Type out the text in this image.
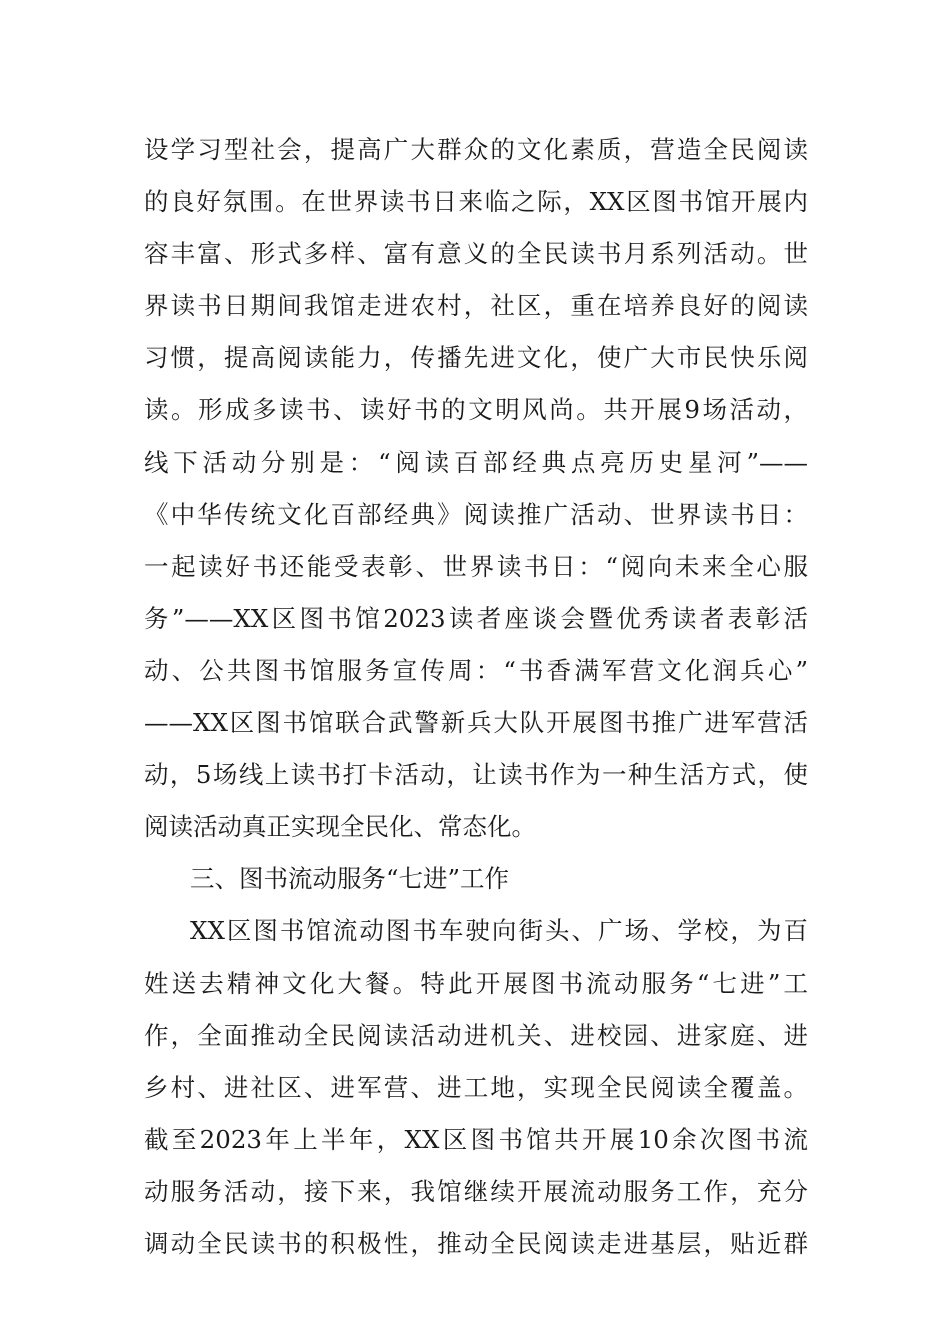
设学习型社会，提高广大群众的文化素质，营造全民阅读
的良好氛围。在世界读书日来临之际，XX区图书馆开展内
容丰富、形式多样、富有意义的全民读书月系列活动。世
界读书日期间我馆走进农村，社区，重在培养良好的阅读
习惯，提高阅读能力，传播先进文化，使广大市民快乐阅
读。形成多读书、读好书的文明风尚。共开展9场活动，
线下活动分别是：“阅读百部经典点亮历史星河”——
《中华传统文化百部经典》阅读推广活动、世界读书日：
一起读好书还能受表彰、世界读书日：“阅向未来全心服
务”——XX区图书馆2023读者座谈会暨优秀读者表彰活
动、公共图书馆服务宣传周：“书香满军营文化润兵心”
——XX区图书馆联合武警新兵大队开展图书推广进军营活
动，5场线上读书打卡活动，让读书作为一种生活方式，使
阅读活动真正实现全民化、常态化。
三、图书流动服务“七进”工作
XX区图书馆流动图书车驶向街头、广场、学校，为百
姓送去精神文化大餐。特此开展图书流动服务“七进”工
作，全面推动全民阅读活动进机关、进校园、进家庭、进
乡村、进社区、进军营、进工地，实现全民阅读全覆盖。
截至2023年上半年，XX区图书馆共开展10余次图书流
动服务活动，接下来，我馆继续开展流动服务工作，充分
调动全民读书的积极性，推动全民阅读走进基层，贴近群
